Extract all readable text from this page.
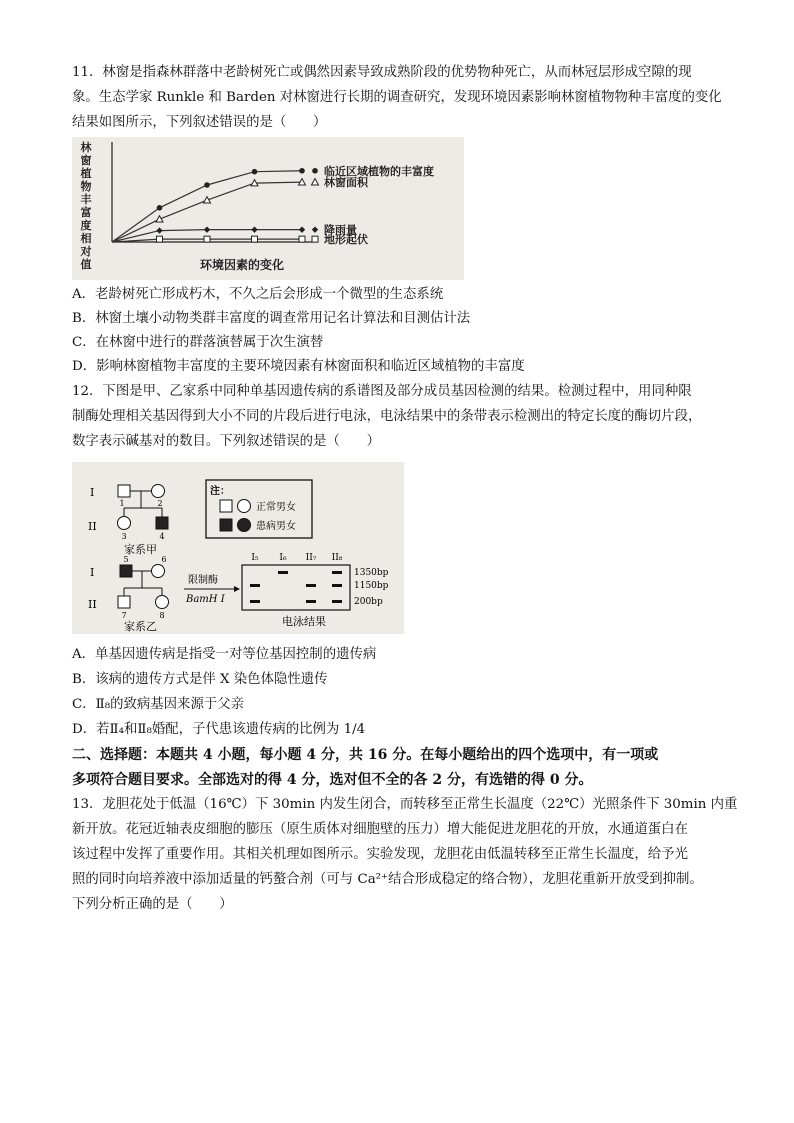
11．林窗是指森林群落中老龄树死亡或偶然因素导致成熟阶段的优势物种死亡，从而林冠层形成空隙的现
象。生态学家 Runkle 和 Barden 对林窗进行长期的调查研究，发现环境因素影响林窗植物物种丰富度的变化
结果如图所示，下列叙述错误的是（　　）
林
窗
植
物
丰
富
度
相
对
值
临近区域植物的丰富度
林窗面积
降雨量
地形起伏
环境因素的变化
A．老龄树死亡形成朽木，不久之后会形成一个微型的生态系统
B．林窗土壤小动物类群丰富度的调查常用记名计算法和目测估计法
C．在林窗中进行的群落演替属于次生演替
D．影响林窗植物丰富度的主要环境因素有林窗面积和临近区域植物的丰富度
12．下图是甲、乙家系中同种单基因遗传病的系谱图及部分成员基因检测的结果。检测过程中，用同种限
制酶处理相关基因得到大小不同的片段后进行电泳，电泳结果中的条带表示检测出的特定长度的酶切片段，
数字表示碱基对的数目。下列叙述错误的是（　　）
I
II
1	2
3	4
家系甲
注：
正常男女
患病男女
I
II
5	6
7	8
家系乙
限制酶
BamH I
I₅ I₆ II₇ II₈
1350bp
1150bp
200bp
电泳结果
A．单基因遗传病是指受一对等位基因控制的遗传病
B．该病的遗传方式是伴 X 染色体隐性遗传
C．Ⅱ₈的致病基因来源于父亲
D．若Ⅱ₄和Ⅱ₈婚配，子代患该遗传病的比例为 1/4
二、选择题：本题共 4 小题，每小题 4 分，共 16 分。在每小题给出的四个选项中，有一项或
多项符合题目要求。全部选对的得 4 分，选对但不全的各 2 分，有选错的得 0 分。
13．龙胆花处于低温（16℃）下 30min 内发生闭合，而转移至正常生长温度（22℃）光照条件下 30min 内重
新开放。花冠近轴表皮细胞的膨压（原生质体对细胞壁的压力）增大能促进龙胆花的开放，水通道蛋白在
该过程中发挥了重要作用。其相关机理如图所示。实验发现，龙胆花由低温转移至正常生长温度，给予光
照的同时向培养液中添加适量的钙螯合剂（可与 Ca²⁺结合形成稳定的络合物），龙胆花重新开放受到抑制。
下列分析正确的是（　　）
